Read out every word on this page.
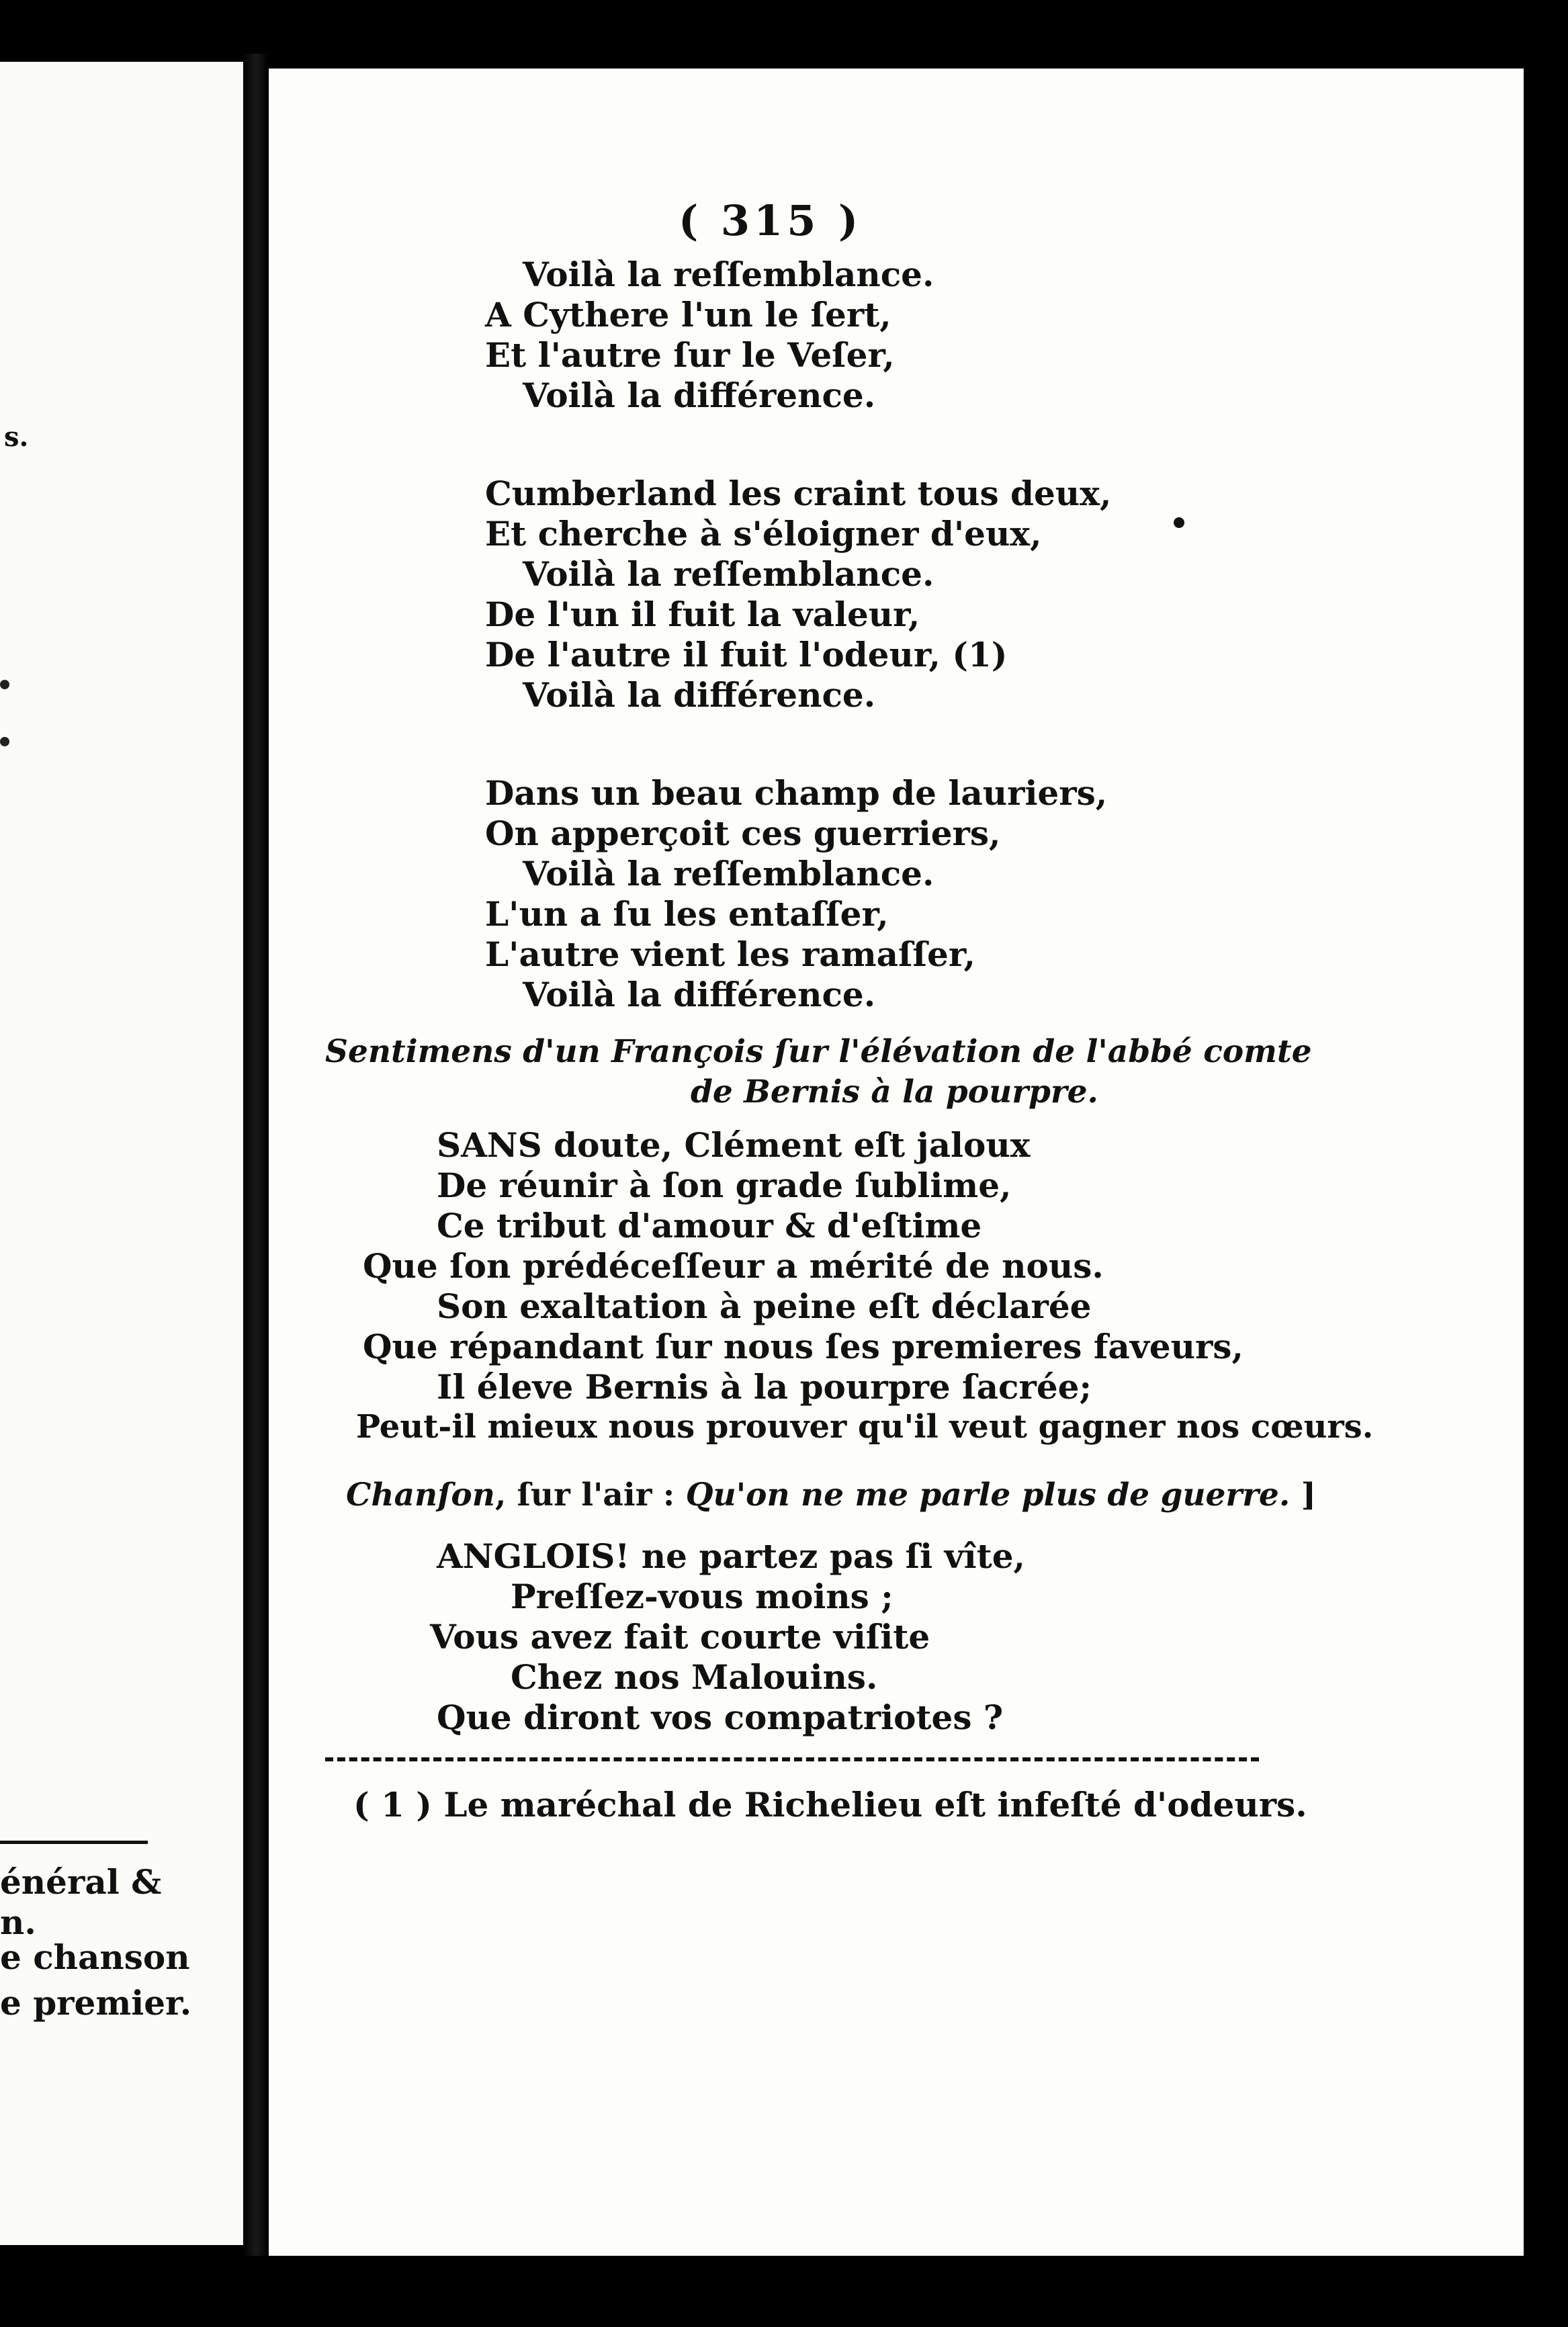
s.
énéral &
n.
e chanson
e premier.
( 315 )
Voilà la reſſemblance.
A Cythere l'un le ſert,
Et l'autre ſur le Veſer,
Voilà la différence.
Cumberland les craint tous deux,
Et cherche à s'éloigner d'eux,
Voilà la reſſemblance.
De l'un il fuit la valeur,
De l'autre il fuit l'odeur, (1)
Voilà la différence.
Dans un beau champ de lauriers,
On apperçoit ces guerriers,
Voilà la reſſemblance.
L'un a ſu les entaſſer,
L'autre vient les ramaſſer,
Voilà la différence.
Sentimens d'un François ſur l'élévation de l'abbé comte
de Bernis à la pourpre.
SANS doute, Clément eſt jaloux
De réunir à ſon grade ſublime,
Ce tribut d'amour & d'eſtime
Que ſon prédéceſſeur a mérité de nous.
Son exaltation à peine eſt déclarée
Que répandant ſur nous ſes premieres faveurs,
Il éleve Bernis à la pourpre ſacrée;
Peut-il mieux nous prouver qu'il veut gagner nos cœurs.
Chanſon, ſur l'air : Qu'on ne me parle plus de guerre. ]
ANGLOIS! ne partez pas ſi vîte,
Preſſez-vous moins ;
Vous avez fait courte viſite
Chez nos Malouins.
Que diront vos compatriotes ?
( 1 ) Le maréchal de Richelieu eſt infeſté d'odeurs.
